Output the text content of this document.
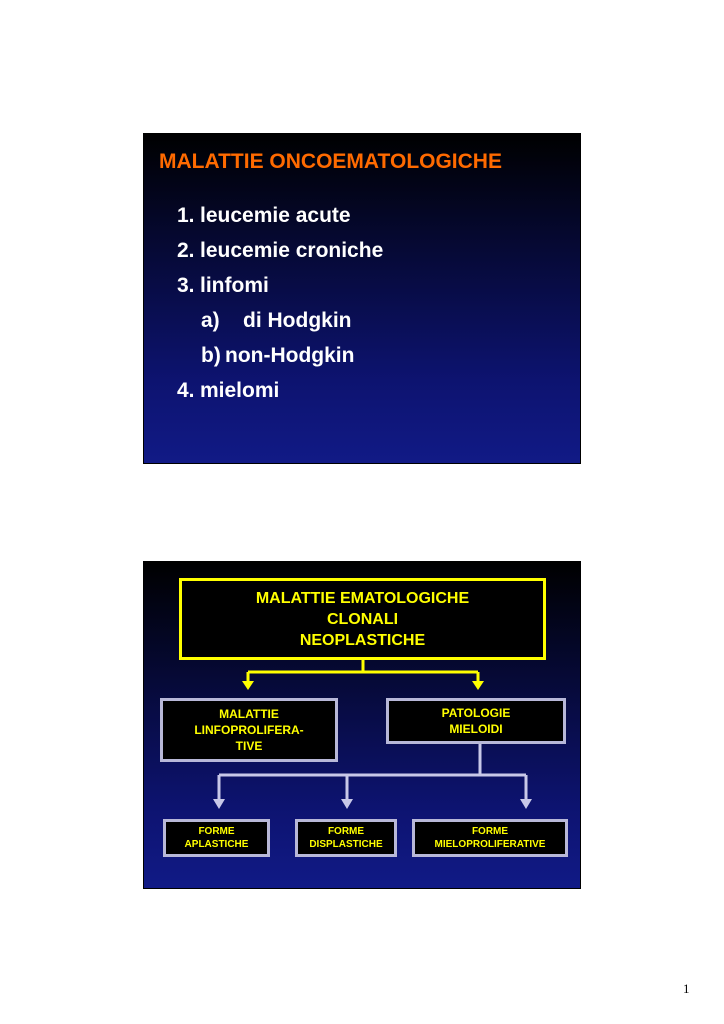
MALATTIE ONCOEMATOLOGICHE
1. leucemie acute
2. leucemie croniche
3. linfomi
a) di Hodgkin
b) non-Hodgkin
4. mielomi
MALATTIE EMATOLOGICHE
CLONALI
NEOPLASTICHE
MALATTIE
LINFOPROLIFERA-
TIVE
PATOLOGIE
MIELOIDI
FORME
APLASTICHE
FORME
DISPLASTICHE
FORME
MIELOPROLIFERATIVE
1
